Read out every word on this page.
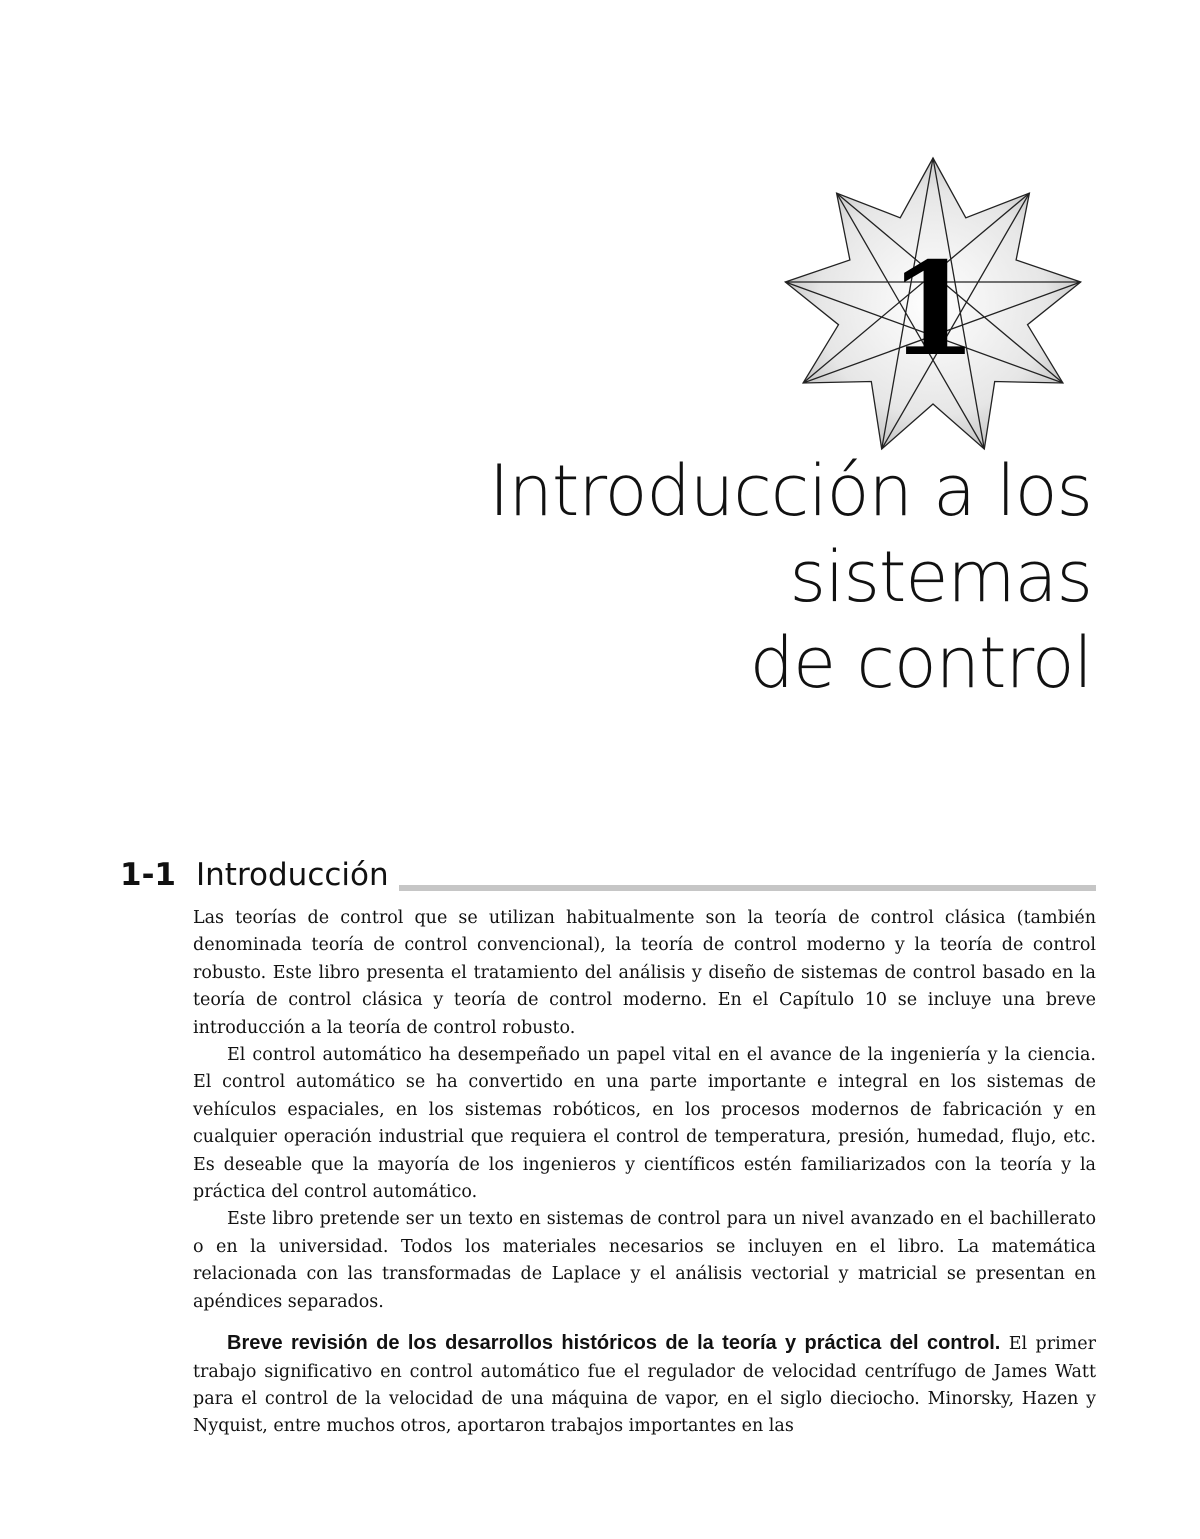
1
Introducción a los sistemas
de control
1-1 Introducción

Las teorías de control que se utilizan habitualmente son la teoría de control clásica (también denominada teoría de control convencional), la teoría de control moderno y la teoría de control robusto. Este libro presenta el tratamiento del análisis y diseño de sistemas de control basado en la teoría de control clásica y teoría de control moderno. En el Capítulo 10 se incluye una breve introducción a la teoría de control robusto.

El control automático ha desempeñado un papel vital en el avance de la ingeniería y la ciencia. El control automático se ha convertido en una parte importante e integral en los sistemas de vehículos espaciales, en los sistemas robóticos, en los procesos modernos de fabricación y en cualquier operación industrial que requiera el control de temperatura, presión, humedad, flujo, etc. Es deseable que la mayoría de los ingenieros y científicos estén familiarizados con la teoría y la práctica del control automático.

Este libro pretende ser un texto en sistemas de control para un nivel avanzado en el bachillerato o en la universidad. Todos los materiales necesarios se incluyen en el libro. La matemática relacionada con las transformadas de Laplace y el análisis vectorial y matricial se presentan en apéndices separados.

Breve revisión de los desarrollos históricos de la teoría y práctica del control. El primer trabajo significativo en control automático fue el regulador de velocidad centrífugo de James Watt para el control de la velocidad de una máquina de vapor, en el siglo dieciocho. Minorsky, Hazen y Nyquist, entre muchos otros, aportaron trabajos importantes en las
